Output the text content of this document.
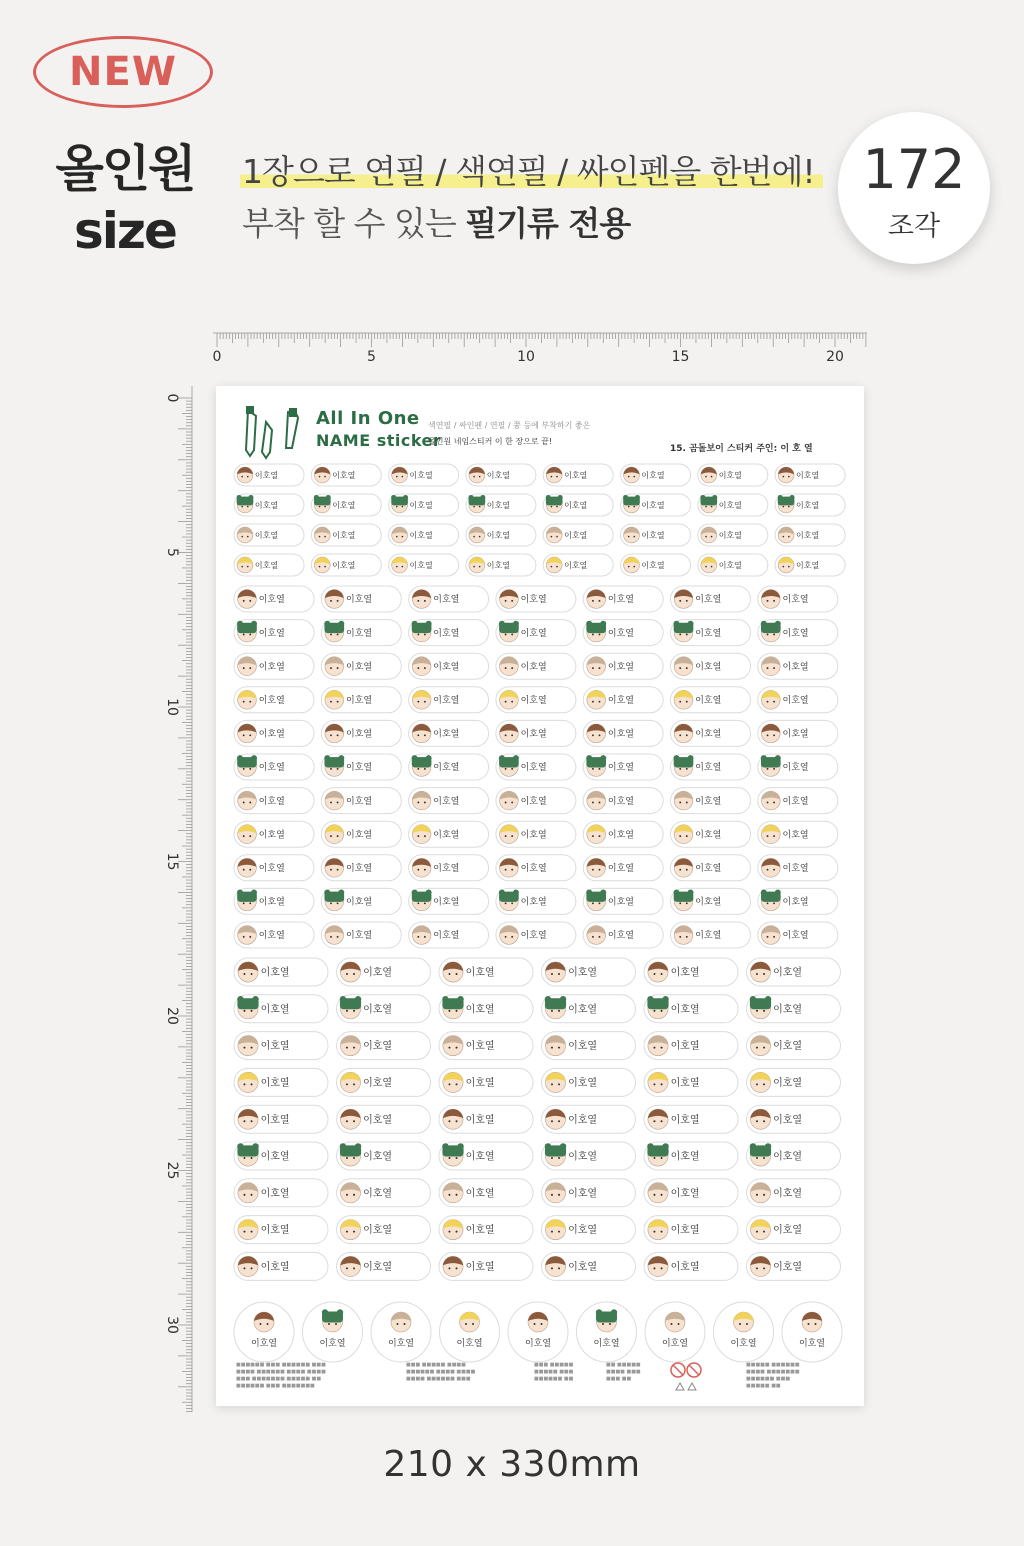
NEW
올인원
size
1장으로 연필 / 색연필 / 싸인펜을 한번에!
부착 할 수 있는 필기류 전용
172
조각
0	5	10	15	20
0
5
10
15
20
25
30
All In One
NAME sticker
색연필 / 싸인펜 / 연필 / 쭝 등에 부착하기 좋은
올인원 네임스티커 이 한 장으로 끝!
15. 곰돌보이 스티커 주인: 이 호 열
이호열	이호열	이호열	이호열	이호열	이호열	이호열	이호열
이호열	이호열	이호열	이호열	이호열	이호열	이호열	이호열
이호열	이호열	이호열	이호열	이호열	이호열	이호열	이호열
이호열	이호열	이호열	이호열	이호열	이호열	이호열	이호열
이호열	이호열	이호열	이호열	이호열	이호열	이호열
이호열	이호열	이호열	이호열	이호열	이호열	이호열
이호열	이호열	이호열	이호열	이호열	이호열	이호열
이호열	이호열	이호열	이호열	이호열	이호열	이호열
이호열	이호열	이호열	이호열	이호열	이호열	이호열
이호열	이호열	이호열	이호열	이호열	이호열	이호열
이호열	이호열	이호열	이호열	이호열	이호열	이호열
이호열	이호열	이호열	이호열	이호열	이호열	이호열
이호열	이호열	이호열	이호열	이호열	이호열	이호열
이호열	이호열	이호열	이호열	이호열	이호열	이호열
이호열	이호열	이호열	이호열	이호열	이호열	이호열
이호열	이호열	이호열	이호열	이호열	이호열
이호열	이호열	이호열	이호열	이호열	이호열
이호열	이호열	이호열	이호열	이호열	이호열
이호열	이호열	이호열	이호열	이호열	이호열
이호열	이호열	이호열	이호열	이호열	이호열
이호열	이호열	이호열	이호열	이호열	이호열
이호열	이호열	이호열	이호열	이호열	이호열
이호열	이호열	이호열	이호열	이호열	이호열
이호열	이호열	이호열	이호열	이호열	이호열
이호열	이호열	이호열	이호열	이호열	이호열	이호열	이호열	이호열
■■■■■■ ■■■ ■■■■■■ ■■■
■■■■ ■■■■■■ ■■■■ ■■■■
■■■ ■■■■■■■ ■■■■■ ■■
■■■■■■ ■■■ ■■■■■■■
■■■ ■■■■■ ■■■■
■■■■■■ ■■■■ ■■■■
■■■■ ■■■■■■ ■■■
■■■ ■■■■■
■■■■■ ■■■
■■■■■■ ■■
■■ ■■■■■
■■■■ ■■■
■■■ ■■
■■■■■ ■■■■■■
■■■■ ■■■■■■■
■■■■■■ ■■■
■■■■■ ■■
210 x 330mm
